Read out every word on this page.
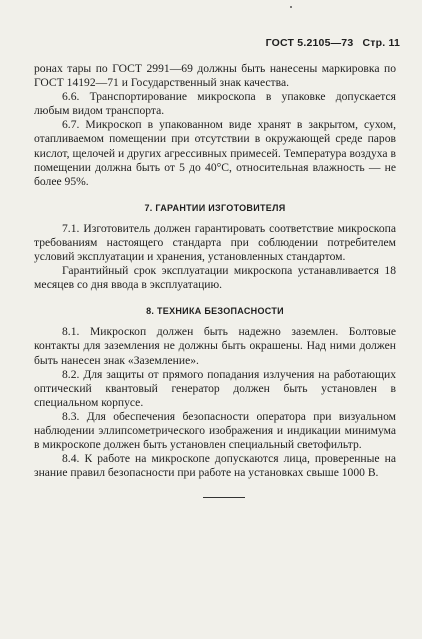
ГОСТ 5.2105—73 Стр. 11

ронах тары по ГОСТ 2991—69 должны быть нанесены маркировка по ГОСТ 14192—71 и Государственный знак качества.

6.6. Транспортирование микроскопа в упаковке допускается любым видом транспорта.

6.7. Микроскоп в упакованном виде хранят в закрытом, сухом, отапливаемом помещении при отсутствии в окружающей среде паров кислот, щелочей и других агрессивных примесей. Температура воздуха в помещении должна быть от 5 до 40°С, относительная влажность — не более 95%.

7. ГАРАНТИИ ИЗГОТОВИТЕЛЯ

7.1. Изготовитель должен гарантировать соответствие микроскопа требованиям настоящего стандарта при соблюдении потребителем условий эксплуатации и хранения, установленных стандартом.

Гарантийный срок эксплуатации микроскопа устанавливается 18 месяцев со дня ввода в эксплуатацию.

8. ТЕХНИКА БЕЗОПАСНОСТИ

8.1. Микроскоп должен быть надежно заземлен. Болтовые контакты для заземления не должны быть окрашены. Над ними должен быть нанесен знак «Заземление».

8.2. Для защиты от прямого попадания излучения на работающих оптический квантовый генератор должен быть установлен в специальном корпусе.

8.3. Для обеспечения безопасности оператора при визуальном наблюдении эллипсометрического изображения и индикации минимума в микроскопе должен быть установлен специальный светофильтр.

8.4. К работе на микроскопе допускаются лица, проверенные на знание правил безопасности при работе на установках свыше 1000 В.
